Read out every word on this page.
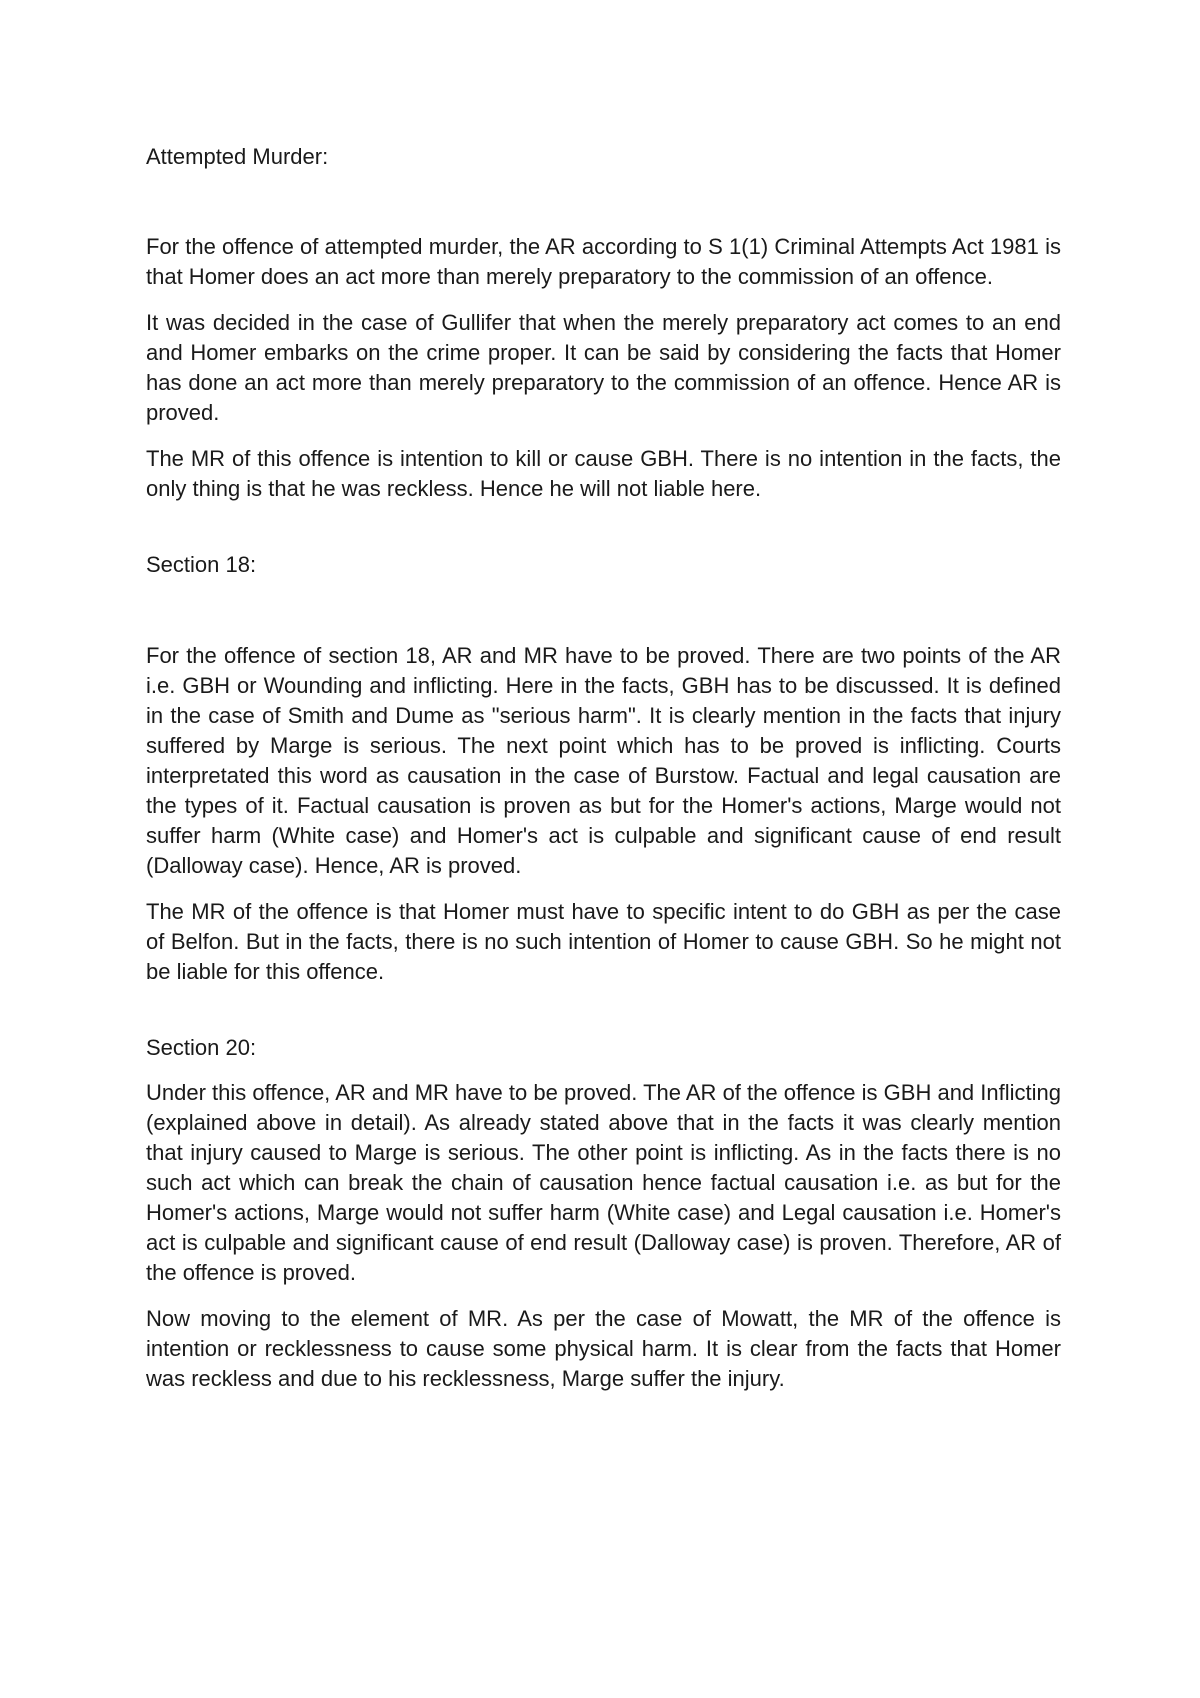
Attempted Murder:

For the offence of attempted murder, the AR according to S 1(1) Criminal Attempts Act 1981 is that Homer does an act more than merely preparatory to the commission of an offence.

It was decided in the case of Gullifer that when the merely preparatory act comes to an end and Homer embarks on the crime proper. It can be said by considering the facts that Homer has done an act more than merely preparatory to the commission of an offence. Hence AR is proved.

The MR of this offence is intention to kill or cause GBH. There is no intention in the facts, the only thing is that he was reckless. Hence he will not liable here.

Section 18:

For the offence of section 18, AR and MR have to be proved. There are two points of the AR i.e. GBH or Wounding and inflicting. Here in the facts, GBH has to be discussed. It is defined in the case of Smith and Dume as "serious harm". It is clearly mention in the facts that injury suffered by Marge is serious. The next point which has to be proved is inflicting. Courts interpretated this word as causation in the case of Burstow. Factual and legal causation are the types of it. Factual causation is proven as but for the Homer's actions, Marge would not suffer harm (White case) and Homer's act is culpable and significant cause of end result (Dalloway case). Hence, AR is proved.

The MR of the offence is that Homer must have to specific intent to do GBH as per the case of Belfon. But in the facts, there is no such intention of Homer to cause GBH. So he might not be liable for this offence.

Section 20:

Under this offence, AR and MR have to be proved. The AR of the offence is GBH and Inflicting (explained above in detail). As already stated above that in the facts it was clearly mention that injury caused to Marge is serious. The other point is inflicting. As in the facts there is no such act which can break the chain of causation hence factual causation i.e. as but for the Homer's actions, Marge would not suffer harm (White case) and Legal causation i.e. Homer's act is culpable and significant cause of end result (Dalloway case) is proven. Therefore, AR of the offence is proved.

Now moving to the element of MR. As per the case of Mowatt, the MR of the offence is intention or recklessness to cause some physical harm. It is clear from the facts that Homer was reckless and due to his recklessness, Marge suffer the injury.
